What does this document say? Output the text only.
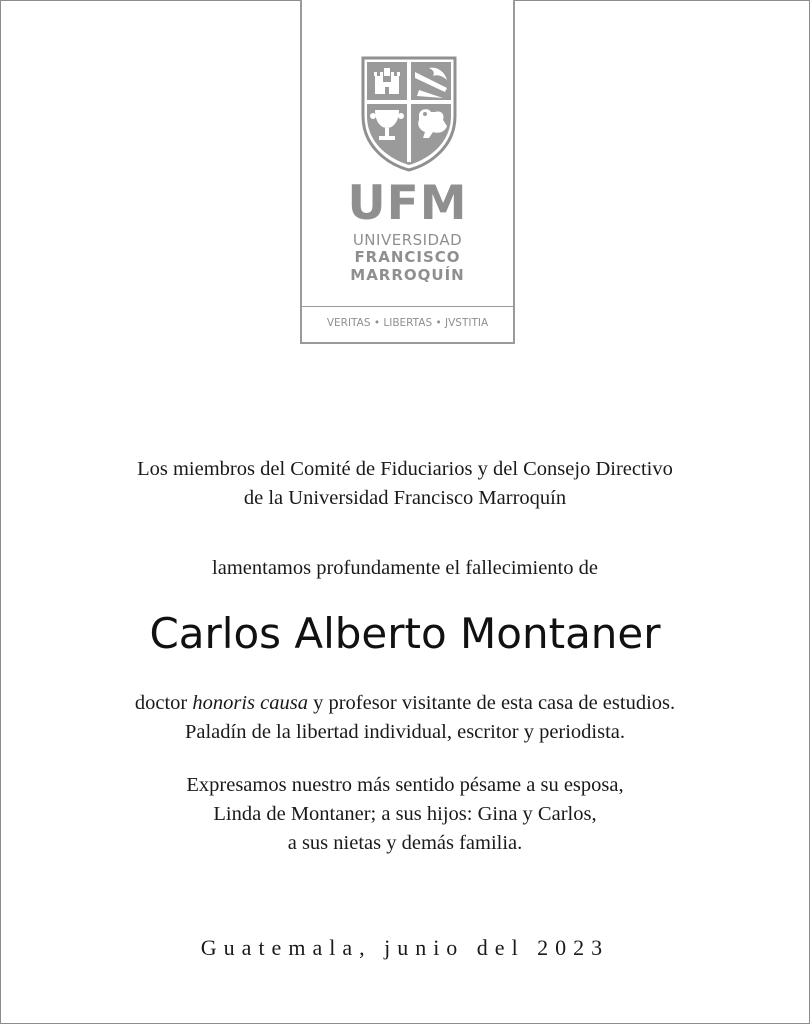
UFM
UNIVERSIDAD
FRANCISCO
MARROQUÍN
VERITAS • LIBERTAS • JVSTITIA

Los miembros del Comité de Fiduciarios y del Consejo Directivo
de la Universidad Francisco Marroquín

lamentamos profundamente el fallecimiento de

Carlos Alberto Montaner

doctor honoris causa y profesor visitante de esta casa de estudios.
Paladín de la libertad individual, escritor y periodista.

Expresamos nuestro más sentido pésame a su esposa,
Linda de Montaner; a sus hijos: Gina y Carlos,
a sus nietas y demás familia.

Guatemala, junio del 2023
